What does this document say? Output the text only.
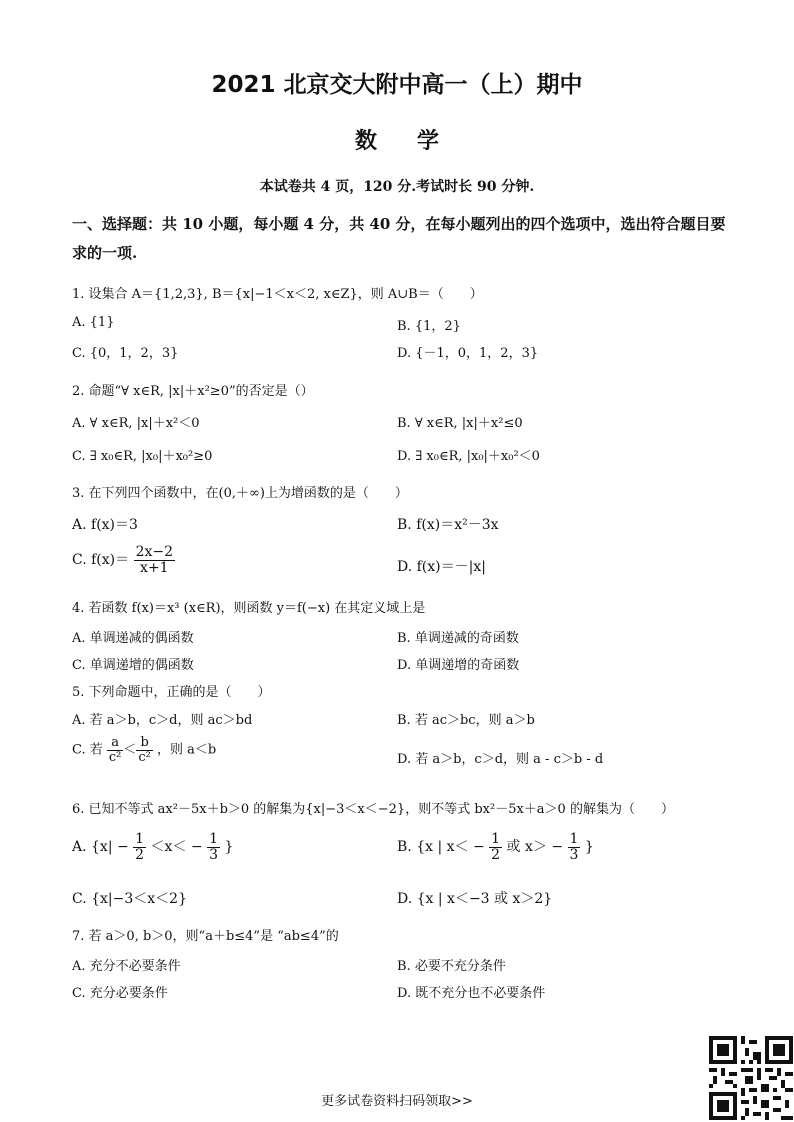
2021 北京交大附中高一（上）期中
数学
本试卷共 4 页，120 分.考试时长 90 分钟.
一、选择题：共 10 小题，每小题 4 分，共 40 分，在每小题列出的四个选项中，选出符合题目要求的一项.
1. 设集合 A＝{1,2,3}, B＝{x|−1＜x＜2, x∈Z}，则 A∪B＝（　　）
A. {1}	B. {1，2}
C. {0，1，2，3}	D. {－1，0，1，2，3}
2. 命题“∀ x∈R, |x|＋x²≥0”的否定是（）
A. ∀ x∈R, |x|＋x²＜0	B. ∀ x∈R, |x|＋x²≤0
C. ∃ x₀∈R, |x₀|＋x₀²≥0	D. ∃ x₀∈R, |x₀|＋x₀²＜0
3. 在下列四个函数中，在(0,＋∞)上为增函数的是（　　）
A. f(x)＝3	B. f(x)＝x²－3x
C. $f(x)= \frac{2x-2}{x+1}$	D. f(x)＝－|x|
4. 若函数 f(x)＝x³ (x∈R)，则函数 y＝f(−x) 在其定义域上是
A. 单调递减的偶函数	B. 单调递减的奇函数
C. 单调递增的偶函数	D. 单调递增的奇函数
5. 下列命题中，正确的是（　　）
A. 若 a＞b，c＞d，则 ac＞bd	B. 若 ac＞bc，则 a＞b
C. 若 $\frac{a}{\text{c²}} < \frac{b}{\text{c²}}$ ，则 a＜b
D. 若 a＞b，c＞d，则 a - c＞b - d
6. 已知不等式 ax²－5x＋b＞0 的解集为{x|−3＜x＜−2}，则不等式 bx²－5x＋a＞0 的解集为（　　）
A. {$x| - \frac{1}{2} <x< - \frac{1}{3}$ }	B. {x | $x< - \frac{1}{2}$ 或 $x> - \frac{1}{3}$ }
C. {x|−3＜x＜2}	D. {x | x＜−3 或 x＞2}
7. 若 a＞0, b＞0，则“a＋b≤4”是 “ab≤4”的
A. 充分不必要条件	B. 必要不充分条件
C. 充分必要条件	D. 既不充分也不必要条件
更多试卷资料扫码领取>>
